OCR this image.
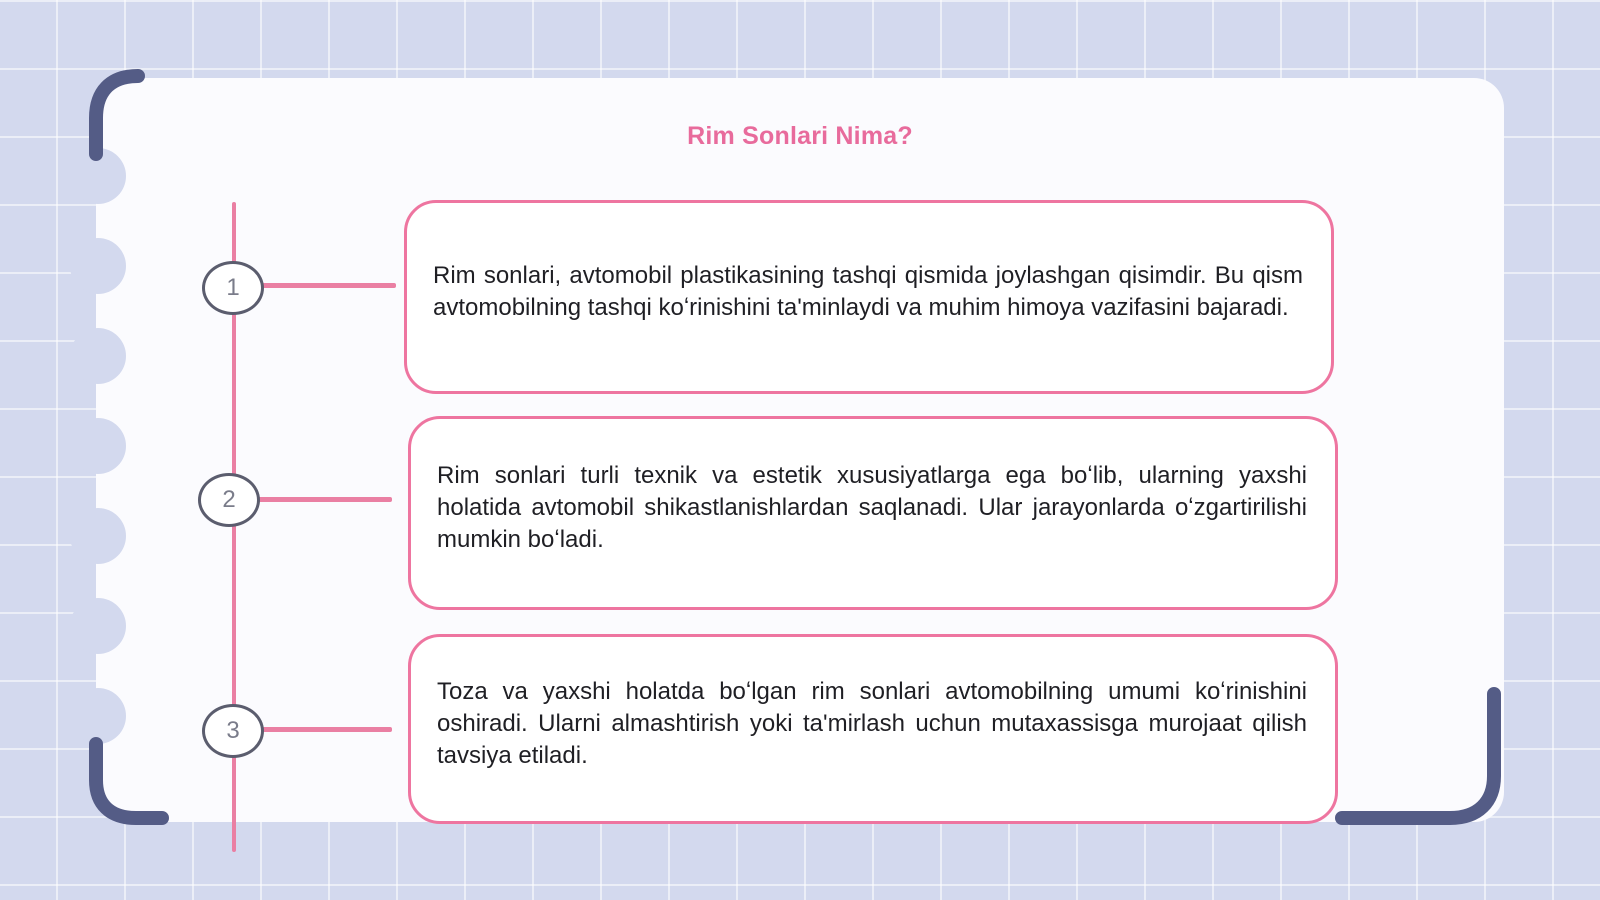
Rim Sonlari Nima?
1
2
3

Rim sonlari, avtomobil plastikasining tashqi qismida joylashgan qisimdir. Bu qism avtomobilning tashqi koʻrinishini ta'minlaydi va muhim himoya vazifasini bajaradi.

Rim sonlari turli texnik va estetik xususiyatlarga ega boʻlib, ularning yaxshi holatida avtomobil shikastlanishlardan saqlanadi. Ular jarayonlarda oʻzgartirilishi mumkin boʻladi.

Toza va yaxshi holatda boʻlgan rim sonlari avtomobilning umumi koʻrinishini oshiradi. Ularni almashtirish yoki ta'mirlash uchun mutaxassisga murojaat qilish tavsiya etiladi.
